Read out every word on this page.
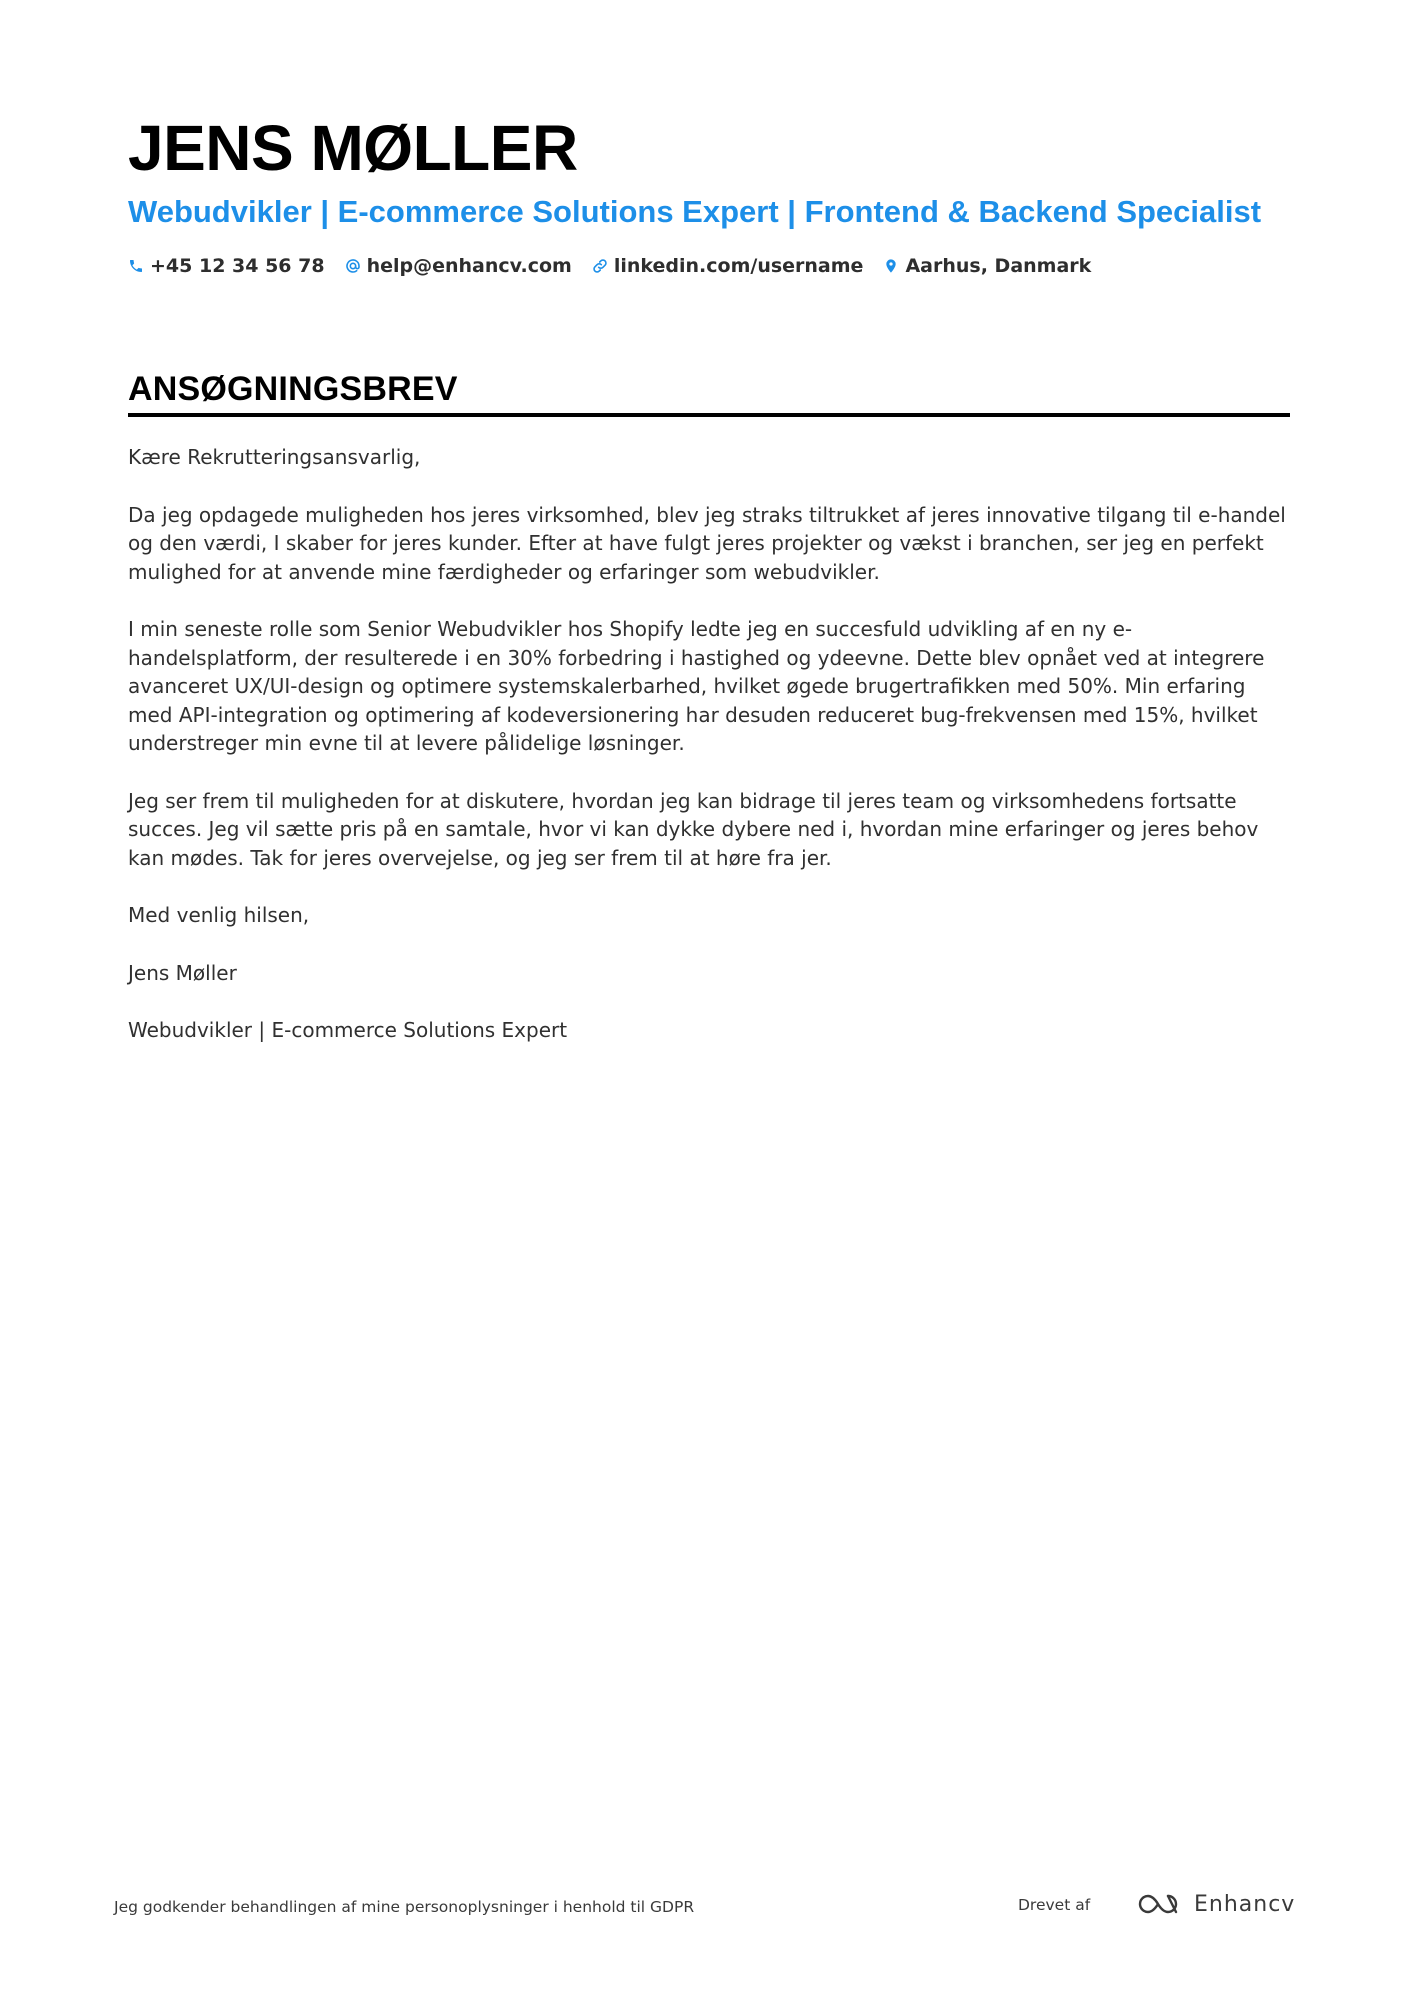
JENS MØLLER
Webudvikler | E-commerce Solutions Expert | Frontend & Backend Specialist
+45 12 34 56 78 help@enhancv.com linkedin.com/username Aarhus, Danmark
ANSØGNINGSBREV

Kære Rekrutteringsansvarlig,

Da jeg opdagede muligheden hos jeres virksomhed, blev jeg straks tiltrukket af jeres innovative tilgang til e-handel og den værdi, I skaber for jeres kunder. Efter at have fulgt jeres projekter og vækst i branchen, ser jeg en perfekt mulighed for at anvende mine færdigheder og erfaringer som webudvikler.

I min seneste rolle som Senior Webudvikler hos Shopify ledte jeg en succesfuld udvikling af en ny e-handelsplatform, der resulterede i en 30% forbedring i hastighed og ydeevne. Dette blev opnået ved at integrere avanceret UX/UI-design og optimere systemskalerbarhed, hvilket øgede brugertrafikken med 50%. Min erfaring med API-integration og optimering af kodeversionering har desuden reduceret bug-frekvensen med 15%, hvilket understreger min evne til at levere pålidelige løsninger.

Jeg ser frem til muligheden for at diskutere, hvordan jeg kan bidrage til jeres team og virksomhedens fortsatte succes. Jeg vil sætte pris på en samtale, hvor vi kan dykke dybere ned i, hvordan mine erfaringer og jeres behov kan mødes. Tak for jeres overvejelse, og jeg ser frem til at høre fra jer.

Med venlig hilsen,

Jens Møller

Webudvikler | E-commerce Solutions Expert

Jeg godkender behandlingen af mine personoplysninger i henhold til GDPR	Drevet af	Enhancv
